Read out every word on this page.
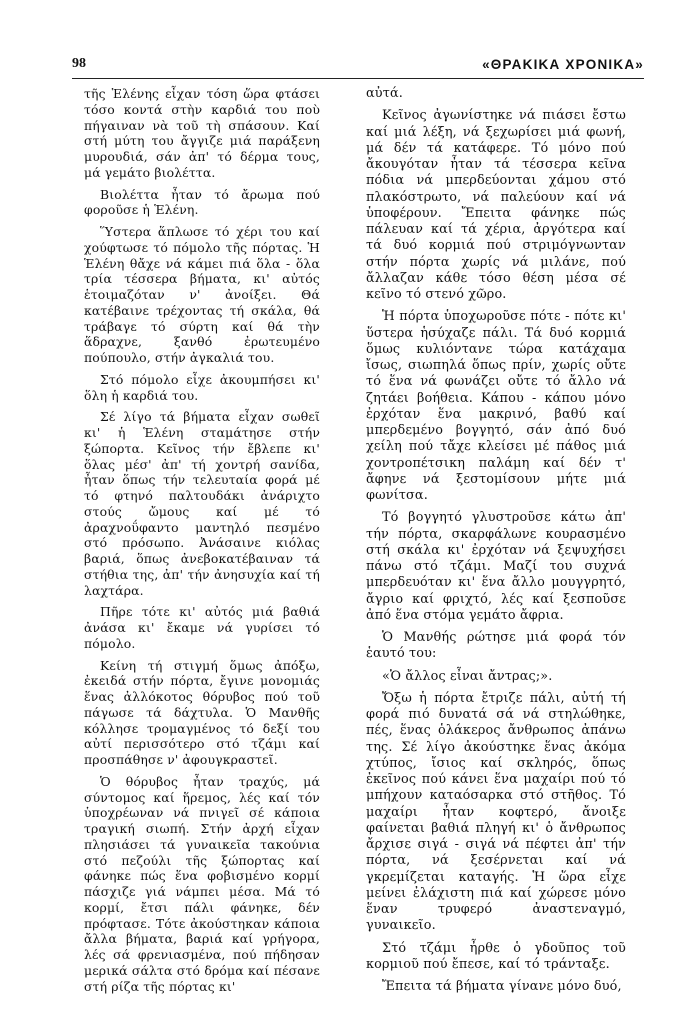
98	«ΘΡΑΚΙΚΑ ΧΡΟΝΙΚΑ»

τῆς Ἑλένης εἶχαν τόση ὥρα φτάσει τόσο κοντά στὴν καρδιά του ποὺ πήγαιναν νὰ τοῦ τὴ σπάσουν. Καί στή μύτη του ἄγγιζε μιά παράξενη μυρουδιά, σάν ἀπ' τό δέρμα τους, μά γεμάτο βιολέττα.

Βιολέττα ἦταν τό ἄρωμα πού φοροῦσε ἡ Ἑλένη.

Ὕστερα ἅπλωσε τό χέρι του καί χούφτωσε τό πόμολο τῆς πόρτας. Ἡ Ἑλένη θἄχε νά κάμει πιά ὅλα - ὅλα τρία τέσσερα βήματα, κι' αὐτός ἑτοιμαζόταν ν' ἀνοίξει. Θά κατέβαινε τρέχοντας τή σκάλα, θά τράβαγε τό σύρτη καί θά τὴν ἅδραχνε, ξανθό ἐρωτευμένο πούπουλο, στήν ἀγκαλιά του.

Στό πόμολο εἶχε ἀκουμπήσει κι' ὅλη ἡ καρδιά του.

Σέ λίγο τά βήματα εἶχαν σωθεῖ κι' ἡ Ἑλένη σταμάτησε στήν ξώπορτα. Κεῖνος τήν ἔβλεπε κι' ὅλας μέσ' ἀπ' τή χοντρή σανίδα, ἦταν ὅπως τήν τελευταία φορά μέ τό φτηνό παλτουδάκι ἀνάριχτο στούς ὤμους καί μέ τό ἀραχνοΰφαντο μαντηλό πεσμένο στό πρόσωπο. Ἀνάσαινε κιόλας βαριά, ὅπως ἀνεβοκατέβαιναν τά στήθια της, ἀπ' τήν ἀνησυχία καί τή λαχτάρα.

Πῆρε τότε κι' αὐτός μιά βαθιά ἀνάσα κι' ἔκαμε νά γυρίσει τό πόμολο.

Κείνη τή στιγμή ὅμως ἀπόξω, ἐκειδά στήν πόρτα, ἔγινε μονομιάς ἕνας ἀλλόκοτος θόρυβος πού τοῦ πάγωσε τά δάχτυλα. Ὁ Μανθῆς κόλλησε τρομαγμένος τό δεξί του αὐτί περισσότερο στό τζάμι καί προσπάθησε ν' ἀφουγκραστεῖ.

Ὁ θόρυβος ἦταν τραχύς, μά σύντομος καί ἥρεμος, λές καί τόν ὑποχρέωναν νά πνιγεῖ σέ κάποια τραγική σιωπή. Στήν ἀρχή εἶχαν πλησιάσει τά γυναικεῖα τακούνια στό πεζούλι τῆς ξώπορτας καί φάνηκε πώς ἕνα φοβισμένο κορμί πάσχιζε γιά νάμπει μέσα. Μά τό κορμί, ἔτσι πάλι φάνηκε, δέν πρόφτασε. Τότε ἀκούστηκαν κάποια ἄλλα βήματα, βαριά καί γρήγορα, λές σά φρενιασμένα, πού πήδησαν μερικά σάλτα στό δρόμα καί πέσανε στή ρίζα τῆς πόρτας κι'

αὐτά.

Κεῖνος ἀγωνίστηκε νά πιάσει ἔστω καί μιά λέξη, νά ξεχωρίσει μιά φωνή, μά δέν τά κατάφερε. Τό μόνο πού ἄκουγόταν ἦταν τά τέσσερα κεῖνα πόδια νά μπερδεύονται χάμου στό πλακόστρωτο, νά παλεύουν καί νά ὑποφέρουν. Ἔπειτα φάνηκε πώς πάλευαν καί τά χέρια, ἀργότερα καί τά δυό κορμιά πού στριμόγνωνταν στήν πόρτα χωρίς νά μιλάνε, πού ἄλλαζαν κάθε τόσο θέση μέσα σέ κεῖνο τό στενό χῶρο.

Ἡ πόρτα ὑποχωροῦσε πότε - πότε κι' ὕστερα ἡσύχαζε πάλι. Τά δυό κορμιά ὅμως κυλιόντανε τώρα κατάχαμα ἴσως, σιωπηλά ὅπως πρίν, χωρίς οὔτε τό ἕνα νά φωνάζει οὔτε τό ἄλλο νά ζητάει βοήθεια. Κάπου - κάπου μόνο ἐρχόταν ἕνα μακρινό, βαθύ καί μπερδεμένο βογγητό, σάν ἀπό δυό χείλη πού τἄχε κλείσει μέ πάθος μιά χοντροπέτσικη παλάμη καί δέν τ' ἄφηνε νά ξεστομίσουν μήτε μιά φωνίτσα.

Τό βογγητό γλυστροῦσε κάτω ἀπ' τήν πόρτα, σκαρφάλωνε κουρασμένο στή σκάλα κι' ἐρχόταν νά ξεψυχήσει πάνω στό τζάμι. Μαζί του συχνά μπερδευόταν κι' ἕνα ἄλλο μουγγρητό, ἄγριο καί φριχτό, λές καί ξεσποῦσε ἀπό ἕνα στόμα γεμάτο ἄφρια.

Ὁ Μανθής ρώτησε μιά φορά τόν ἑαυτό του:

«Ὁ ἄλλος εἶναι ἄντρας;».

Ὄξω ἡ πόρτα ἔτριζε πάλι, αὐτή τή φορά πιό δυνατά σά νά στηλώθηκε, πές, ἕνας ὁλάκερος ἄνθρωπος ἀπάνω της. Σέ λίγο ἀκούστηκε ἕνας ἀκόμα χτύπος, ἴσιος καί σκληρός, ὅπως ἐκεῖνος πού κάνει ἕνα μαχαίρι πού τό μπήχουν καταόσαρκα στό στῆθος. Τό μαχαίρι ἦταν κοφτερό, ἄνοιξε φαίνεται βαθιά πληγή κι' ὁ ἄνθρωπος ἄρχισε σιγά - σιγά νά πέφτει ἀπ' τήν πόρτα, νά ξεσέρνεται καί νά γκρεμίζεται καταγής. Ἡ ὥρα εἶχε μείνει ἐλάχιστη πιά καί χώρεσε μόνο ἕναν τρυφερό ἀναστεναγμό, γυναικεῖο.

Στό τζάμι ἦρθε ὁ γδοῦπος τοῦ κορμιοῦ πού ἔπεσε, καί τό τράνταξε.

Ἔπειτα τά βήματα γίνανε μόνο δυό,
